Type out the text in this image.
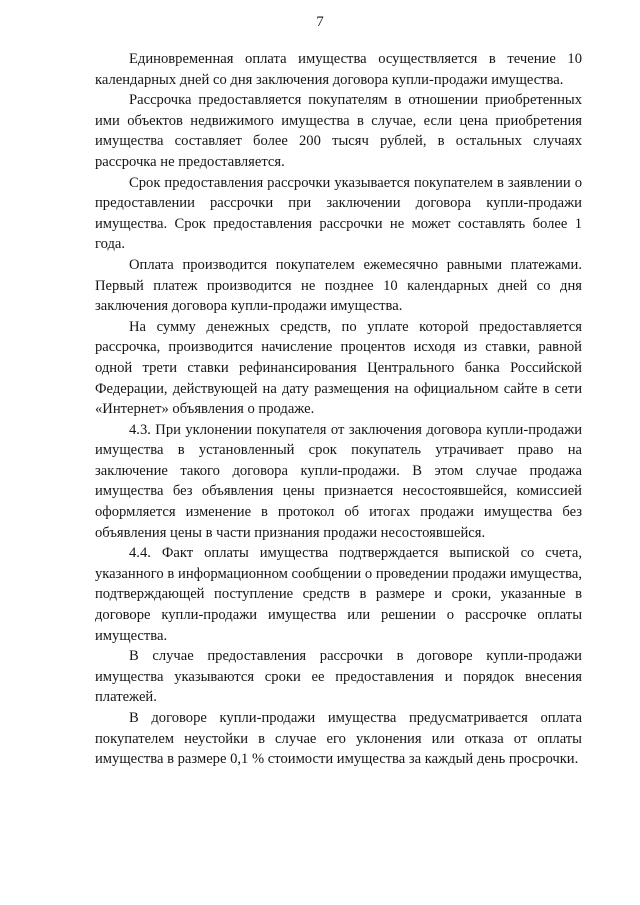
7

Единовременная оплата имущества осуществляется в течение 10 календарных дней со дня заключения договора купли-продажи имущества.

Рассрочка предоставляется покупателям в отношении приобретенных ими объектов недвижимого имущества в случае, если цена приобретения имущества составляет более 200 тысяч рублей, в остальных случаях рассрочка не предоставляется.

Срок предоставления рассрочки указывается покупателем в заявлении о предоставлении рассрочки при заключении договора купли-продажи имущества. Срок предоставления рассрочки не может составлять более 1 года.

Оплата производится покупателем ежемесячно равными платежами. Первый платеж производится не позднее 10 календарных дней со дня заключения договора купли-продажи имущества.

На сумму денежных средств, по уплате которой предоставляется рассрочка, производится начисление процентов исходя из ставки, равной одной трети ставки рефинансирования Центрального банка Российской Федерации, действующей на дату размещения на официальном сайте в сети «Интернет» объявления о продаже.

4.3. При уклонении покупателя от заключения договора купли-продажи имущества в установленный срок покупатель утрачивает право на заключение такого договора купли-продажи. В этом случае продажа имущества без объявления цены признается несостоявшейся, комиссией оформляется изменение в протокол об итогах продажи имущества без объявления цены в части признания продажи несостоявшейся.

4.4. Факт оплаты имущества подтверждается выпиской со счета, указанного в информационном сообщении о проведении продажи имущества, подтверждающей поступление средств в размере и сроки, указанные в договоре купли-продажи имущества или решении о рассрочке оплаты имущества.

В случае предоставления рассрочки в договоре купли-продажи имущества указываются сроки ее предоставления и порядок внесения платежей.

В договоре купли-продажи имущества предусматривается оплата покупателем неустойки в случае его уклонения или отказа от оплаты имущества в размере 0,1 % стоимости имущества за каждый день просрочки.
